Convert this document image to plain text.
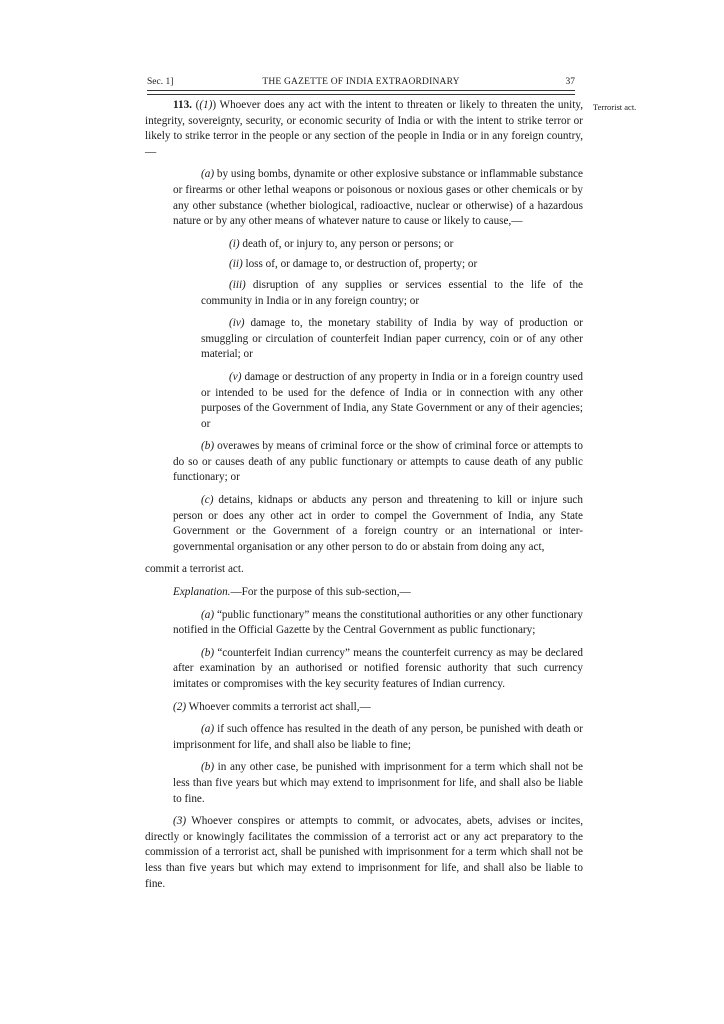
Sec. 1]	THE GAZETTE OF INDIA EXTRAORDINARY	37
Terrorist act.

113. ((1)) Whoever does any act with the intent to threaten or likely to threaten the unity, integrity, sovereignty, security, or economic security of India or with the intent to strike terror or likely to strike terror in the people or any section of the people in India or in any foreign country,—

(a) by using bombs, dynamite or other explosive substance or inflammable substance or firearms or other lethal weapons or poisonous or noxious gases or other chemicals or by any other substance (whether biological, radioactive, nuclear or otherwise) of a hazardous nature or by any other means of whatever nature to cause or likely to cause,—

(i) death of, or injury to, any person or persons; or

(ii) loss of, or damage to, or destruction of, property; or

(iii) disruption of any supplies or services essential to the life of the community in India or in any foreign country; or

(iv) damage to, the monetary stability of India by way of production or smuggling or circulation of counterfeit Indian paper currency, coin or of any other material; or

(v) damage or destruction of any property in India or in a foreign country used or intended to be used for the defence of India or in connection with any other purposes of the Government of India, any State Government or any of their agencies; or

(b) overawes by means of criminal force or the show of criminal force or attempts to do so or causes death of any public functionary or attempts to cause death of any public functionary; or

(c) detains, kidnaps or abducts any person and threatening to kill or injure such person or does any other act in order to compel the Government of India, any State Government or the Government of a foreign country or an international or inter-governmental organisation or any other person to do or abstain from doing any act,

commit a terrorist act.

Explanation.—For the purpose of this sub-section,—

(a) “public functionary” means the constitutional authorities or any other functionary notified in the Official Gazette by the Central Government as public functionary;

(b) “counterfeit Indian currency” means the counterfeit currency as may be declared after examination by an authorised or notified forensic authority that such currency imitates or compromises with the key security features of Indian currency.

(2) Whoever commits a terrorist act shall,—

(a) if such offence has resulted in the death of any person, be punished with death or imprisonment for life, and shall also be liable to fine;

(b) in any other case, be punished with imprisonment for a term which shall not be less than five years but which may extend to imprisonment for life, and shall also be liable to fine.

(3) Whoever conspires or attempts to commit, or advocates, abets, advises or incites, directly or knowingly facilitates the commission of a terrorist act or any act preparatory to the commission of a terrorist act, shall be punished with imprisonment for a term which shall not be less than five years but which may extend to imprisonment for life, and shall also be liable to fine.
